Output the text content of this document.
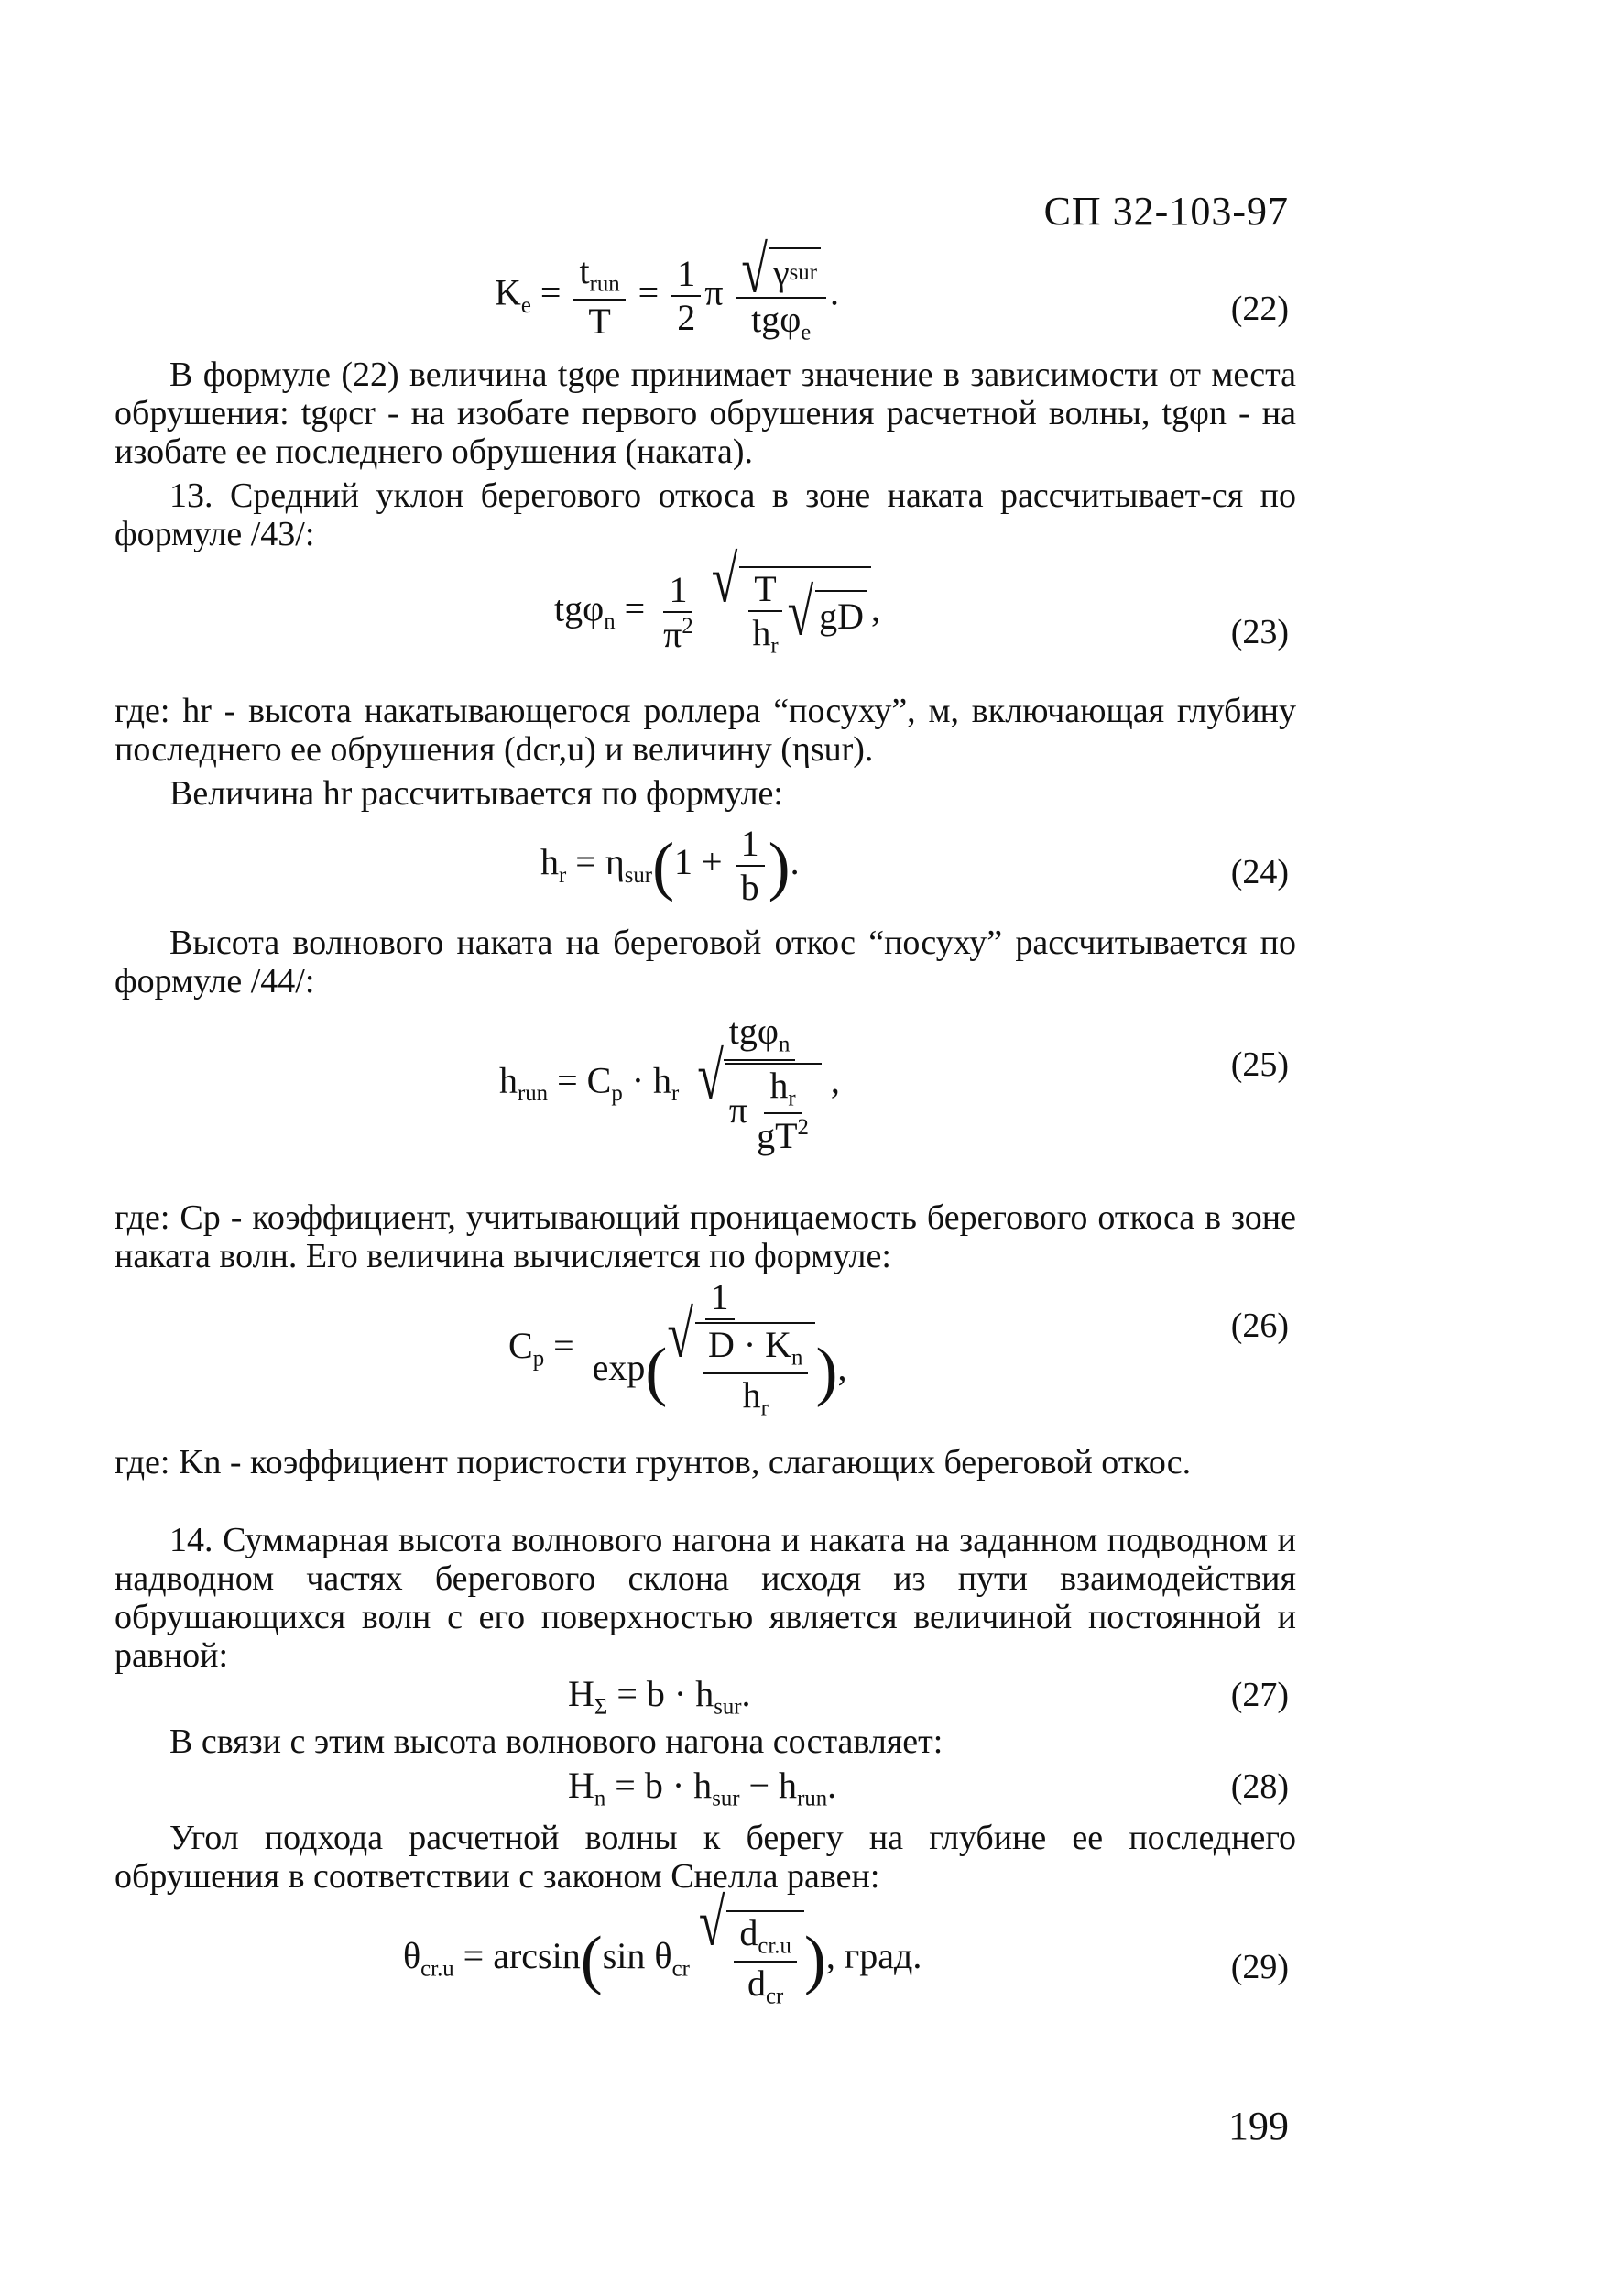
СП 32-103-97
$K_e = \frac{t_{run}}{T} = \frac{1}{2}$ π $\frac{\text{√ γ sur}}{tg\varphi_e}$ .	(22)
В формуле (22) величина tgφe принимает значение в зависимости от места обрушения: tgφcr - на изобате первого обрушения расчетной волны, tgφn - на изобате ее последнего обрушения (наката).
13. Средний уклон берегового откоса в зоне наката рассчитывает-ся по формуле /43/:
$tg\varphi_n = \frac{1}{\pi^2}$
√ $\frac{T}{h_r}$ √ gD ,
(23)
где: hr - высота накатывающегося роллера “посуху”, м, включающая глубину последнего ее обрушения (dcr,u) и величину (ηsur).
Величина hr рассчитывается по формуле:
$h_r = \eta_{sur}(1 + \frac{1}{b}$ ).	(24)
Высота волнового наката на береговой откос “посуху” рассчитывается по формуле /44/:
$h_{run} = C_p \cdot h_r \frac{tg\varphi_n}{√ \pi \frac{h_r}{gT^2}}$ ,	(25)
где: Cp - коэффициент, учитывающий проницаемость берегового откоса в зоне наката волн. Его величина вычисляется по формуле:
$C_p = \frac{1}{\exp( √ \frac{D \cdot K_n}{h_r} ),}$	(26)
где: Kn - коэффициент пористости грунтов, слагающих береговой откос.
14. Суммарная высота волнового нагона и наката на заданном подводном и надводном частях берегового склона исходя из пути взаимодействия обрушающихся волн с его поверхностью является величиной постоянной и равной:
$H_\Sigma = b \cdot h_{sur}$.	(27)
В связи с этим высота волнового нагона составляет:
$H_n = b \cdot h_{sur} - h_{run}$.	(28)
Угол подхода расчетной волны к берегу на глубине ее последнего обрушения в соответствии с законом Снелла равен:
$\theta_{cr.u} = \arcsin(\sin$ $\theta_{cr}$
√ $\frac{d_{cr.u}}{d_{cr}}$ ), град.	(29)
199
